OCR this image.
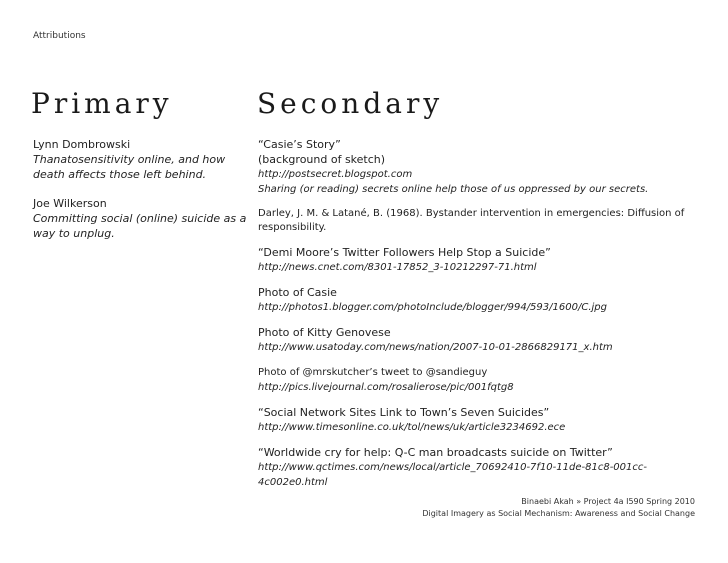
Attributions
Primary	Secondary
Lynn Dombrowski
Thanatosensitivity online, and how death affects those left behind.
Joe Wilkerson
Committing social (online) suicide as a way to unplug.
“Casie’s Story”
(background of sketch)
http://postsecret.blogspot.com
Sharing (or reading) secrets online help those of us oppressed by our secrets.
Darley, J. M. & Latané, B. (1968). Bystander intervention in emergencies: Diffusion of responsibility.
“Demi Moore’s Twitter Followers Help Stop a Suicide”
http://news.cnet.com/8301-17852_3-10212297-71.html
Photo of Casie
http://photos1.blogger.com/photoInclude/blogger/994/593/1600/C.jpg
Photo of Kitty Genovese
http://www.usatoday.com/news/nation/2007-10-01-2866829171_x.htm
Photo of @mrskutcher’s tweet to @sandieguy
http://pics.livejournal.com/rosalierose/pic/001fqtg8
“Social Network Sites Link to Town’s Seven Suicides”
http://www.timesonline.co.uk/tol/news/uk/article3234692.ece
“Worldwide cry for help: Q-C man broadcasts suicide on Twitter”
http://www.qctimes.com/news/local/article_70692410-7f10-11de-81c8-001cc-4c002e0.html
Binaebi Akah » Project 4a I590 Spring 2010
Digital Imagery as Social Mechanism: Awareness and Social Change
